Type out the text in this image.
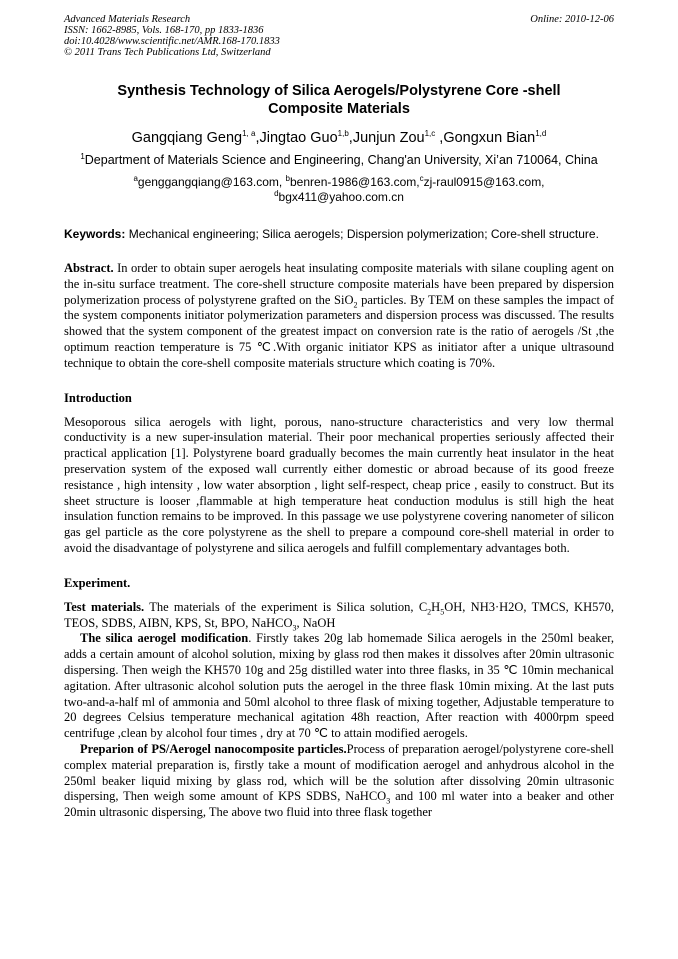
Advanced Materials Research
ISSN: 1662-8985, Vols. 168-170, pp 1833-1836
doi:10.4028/www.scientific.net/AMR.168-170.1833
© 2011 Trans Tech Publications Ltd, Switzerland
Online: 2010-12-06
Synthesis Technology of Silica Aerogels/Polystyrene Core -shell Composite Materials
Gangqiang Geng$^{1, a}$,Jingtao Guo$^{1,b}$,Junjun Zou$^{1,c}$ ,Gongxun Bian$^{1,d}$
$^1$Department of Materials Science and Engineering, Chang'an University, Xi’an 710064, China
$^a$genggangqiang@163.com, $^b$benren-1986@163.com,$^c$zj-raul0915@163.com,
$^d$bgx411@yahoo.com.cn
Keywords: Mechanical engineering; Silica aerogels; Dispersion polymerization; Core-shell structure.
Abstract. In order to obtain super aerogels heat insulating composite materials with silane coupling agent on the in-situ surface treatment. The core-shell structure composite materials have been prepared by dispersion polymerization process of polystyrene grafted on the SiO$_2$ particles. By TEM on these samples the impact of the system components initiator polymerization parameters and dispersion process was discussed. The results showed that the system component of the greatest impact on conversion rate is the ratio of aerogels /St ,the optimum reaction temperature is 75 ℃.With organic initiator KPS as initiator after a unique ultrasound technique to obtain the core-shell composite materials structure which coating is 70%.
Introduction
Mesoporous silica aerogels with light, porous, nano-structure characteristics and very low thermal conductivity is a new super-insulation material. Their poor mechanical properties seriously affected their practical application [1]. Polystyrene board gradually becomes the main currently heat insulator in the heat preservation system of the exposed wall currently either domestic or abroad because of its good freeze resistance , high intensity , low water absorption , light self-respect, cheap price , easily to construct. But its sheet structure is looser ,flammable at high temperature heat conduction modulus is still high the heat insulation function remains to be improved. In this passage we use polystyrene covering nanometer of silicon gas gel particle as the core polystyrene as the shell to prepare a compound core-shell material in order to avoid the disadvantage of polystyrene and silica aerogels and fulfill complementary advantages both.
Experiment.
Test materials. The materials of the experiment is Silica solution, $C_2H_5OH$, NH3·H2O, TMCS, KH570, TEOS, SDBS, AIBN, KPS, St, BPO, NaHCO$_3$, NaOH
The silica aerogel modification. Firstly takes 20g lab homemade Silica aerogels in the 250ml beaker, adds a certain amount of alcohol solution, mixing by glass rod then makes it dissolves after 20min ultrasonic dispersing. Then weigh the KH570 10g and 25g distilled water into three flasks, in 35 ℃ 10min mechanical agitation. After ultrasonic alcohol solution puts the aerogel in the three flask 10min mixing. At the last puts two-and-a-half ml of ammonia and 50ml alcohol to three flask of mixing together, Adjustable temperature to 20 degrees Celsius temperature mechanical agitation 48h reaction, After reaction with 4000rpm speed centrifuge ,clean by alcohol four times , dry at 70 ℃ to attain modified aerogels.
Preparion of PS/Aerogel nanocomposite particles.Process of preparation aerogel/polystyrene core-shell complex material preparation is, firstly take a mount of modification aerogel and anhydrous alcohol in the 250ml beaker liquid mixing by glass rod, which will be the solution after dissolving 20min ultrasonic dispersing, Then weigh some amount of KPS SDBS, NaHCO$_3$ and 100 ml water into a beaker and other 20min ultrasonic dispersing, The above two fluid into three flask together
